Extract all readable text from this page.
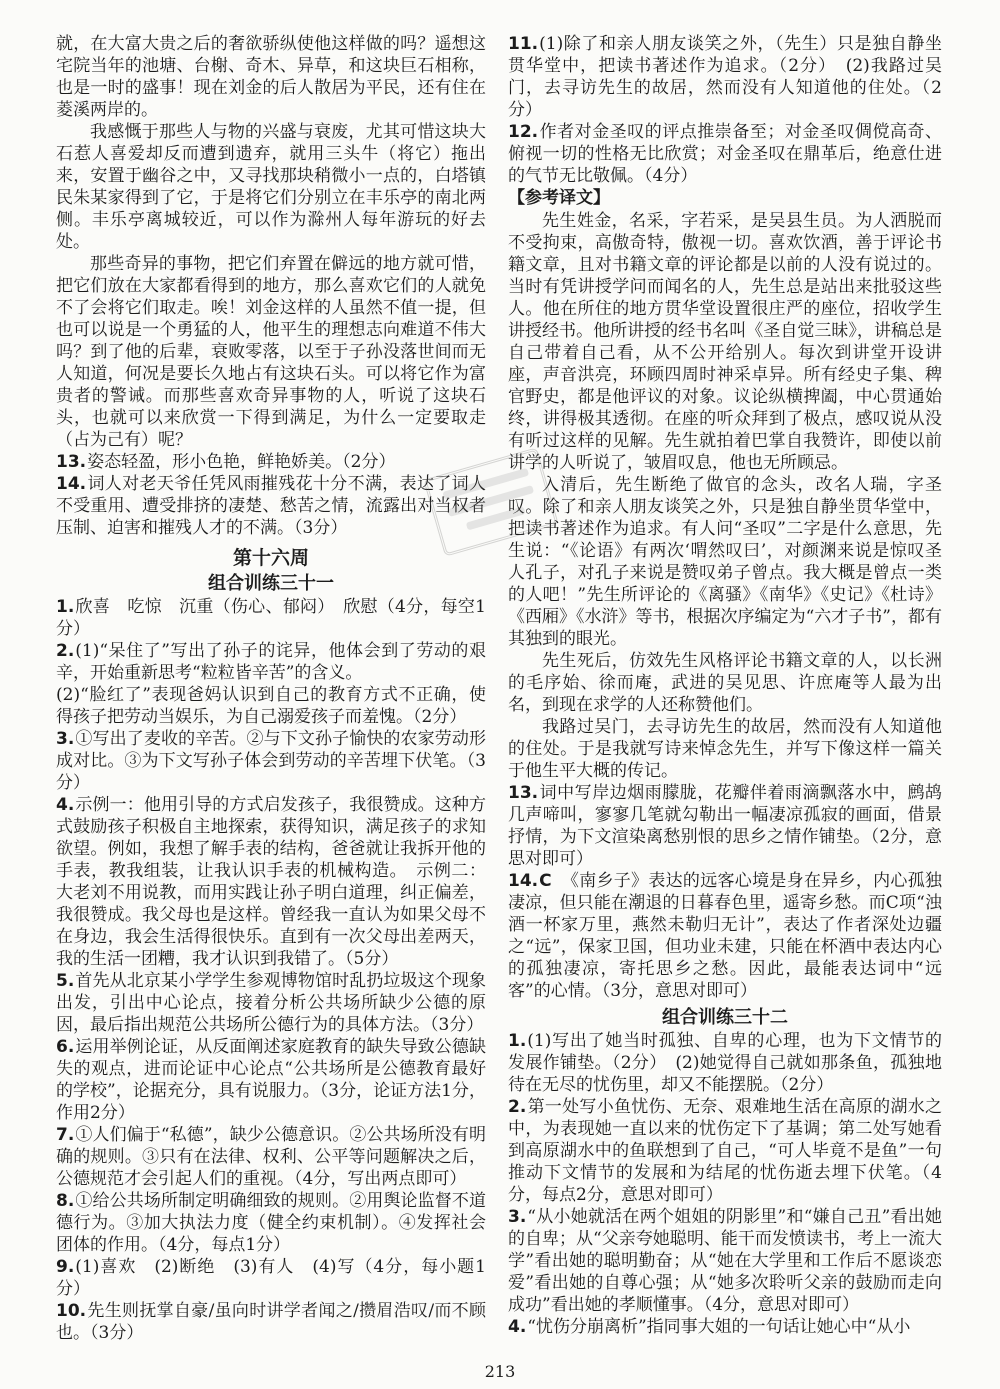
就，在大富大贵之后的奢欲骄纵使他这样做的吗？遥想这宅院当年的池塘、台榭、奇木、异草，和这块巨石相称，也是一时的盛事！现在刘金的后人散居为平民，还有住在菱溪两岸的。

我感慨于那些人与物的兴盛与衰废，尤其可惜这块大石惹人喜爱却反而遭到遗弃，就用三头牛（将它）拖出来，安置于幽谷之中，又寻找那块稍微小一点的，白塔镇民朱某家得到了它，于是将它们分别立在丰乐亭的南北两侧。丰乐亭离城较近，可以作为滁州人每年游玩的好去处。

那些奇异的事物，把它们弃置在僻远的地方就可惜，把它们放在大家都看得到的地方，那么喜欢它们的人就免不了会将它们取走。唉！刘金这样的人虽然不值一提，但也可以说是一个勇猛的人，他平生的理想志向难道不伟大吗？到了他的后辈，衰败零落，以至于子孙没落世间而无人知道，何况是要长久地占有这块石头。可以将它作为富贵者的警诫。而那些喜欢奇异事物的人，听说了这块石头，也就可以来欣赏一下得到满足，为什么一定要取走（占为己有）呢？

13.姿态轻盈，形小色艳，鲜艳娇美。（2分）

14.词人对老天爷任凭风雨摧残花十分不满，表达了词人不受重用、遭受排挤的凄楚、愁苦之情，流露出对当权者压制、迫害和摧残人才的不满。（3分）

第十六周
组合训练三十一

1.欣喜　吃惊　沉重（伤心、郁闷）　欣慰（4分，每空1分）

2.(1)“呆住了”写出了孙子的诧异，他体会到了劳动的艰辛，开始重新思考“粒粒皆辛苦”的含义。

(2)“脸红了”表现爸妈认识到自己的教育方式不正确，使得孩子把劳动当娱乐，为自己溺爱孩子而羞愧。（2分）

3.①写出了麦收的辛苦。②与下文孙子愉快的农家劳动形成对比。③为下文写孙子体会到劳动的辛苦埋下伏笔。（3分）

4.示例一：他用引导的方式启发孩子，我很赞成。这种方式鼓励孩子积极自主地探索，获得知识，满足孩子的求知欲望。例如，我想了解手表的结构，爸爸就让我拆开他的手表，教我组装，让我认识手表的机械构造。　示例二：大老刘不用说教，而用实践让孙子明白道理，纠正偏差，我很赞成。我父母也是这样。曾经我一直认为如果父母不在身边，我会生活得很快乐。直到有一次父母出差两天，我的生活一团糟，我才认识到我错了。（5分）

5.首先从北京某小学学生参观博物馆时乱扔垃圾这个现象出发，引出中心论点，接着分析公共场所缺少公德的原因，最后指出规范公共场所公德行为的具体方法。（3分）

6.运用举例论证，从反面阐述家庭教育的缺失导致公德缺失的观点，进而论证中心论点“公共场所是公德教育最好的学校”，论据充分，具有说服力。（3分，论证方法1分，作用2分）

7.①人们偏于“私德”，缺少公德意识。②公共场所没有明确的规则。③只有在法律、权利、公平等问题解决之后，公德规范才会引起人们的重视。（4分，写出两点即可）

8.①给公共场所制定明确细致的规则。②用舆论监督不道德行为。③加大执法力度（健全约束机制）。④发挥社会团体的作用。（4分，每点1分）

9.(1)喜欢　(2)断绝　(3)有人　(4)写（4分，每小题1分）

10.先生则抚掌自豪/虽向时讲学者闻之/攒眉浩叹/而不顾也。（3分）

11.(1)除了和亲人朋友谈笑之外，（先生）只是独自静坐贯华堂中，把读书著述作为追求。（2分）　(2)我路过吴门，去寻访先生的故居，然而没有人知道他的住处。（2分）

12.作者对金圣叹的评点推崇备至；对金圣叹倜傥高奇、俯视一切的性格无比欣赏；对金圣叹在鼎革后，绝意仕进的气节无比敬佩。（4分）

【参考译文】

先生姓金，名采，字若采，是吴县生员。为人洒脱而不受拘束，高傲奇特，傲视一切。喜欢饮酒，善于评论书籍文章，且对书籍文章的评论都是以前的人没有说过的。当时有凭讲授学问而闻名的人，先生总是站出来批驳这些人。他在所住的地方贯华堂设置很庄严的座位，招收学生讲授经书。他所讲授的经书名叫《圣自觉三昧》，讲稿总是自己带着自己看，从不公开给别人。每次到讲堂开设讲座，声音洪亮，环顾四周时神采卓异。所有经史子集、稗官野史，都是他评议的对象。议论纵横捭阖，中心贯通始终，讲得极其透彻。在座的听众拜到了极点，感叹说从没有听过这样的见解。先生就拍着巴掌自我赞许，即使以前讲学的人听说了，皱眉叹息，他也无所顾忌。

入清后，先生断绝了做官的念头，改名人瑞，字圣叹。除了和亲人朋友谈笑之外，只是独自静坐贯华堂中，把读书著述作为追求。有人问“圣叹”二字是什么意思，先生说：“《论语》有两次‘喟然叹曰’，对颜渊来说是惊叹圣人孔子，对孔子来说是赞叹弟子曾点。我大概是曾点一类的人吧！”先生所评论的《离骚》《南华》《史记》《杜诗》《西厢》《水浒》等书，根据次序编定为“六才子书”，都有其独到的眼光。

先生死后，仿效先生风格评论书籍文章的人，以长洲的毛序始、徐而庵，武进的吴见思、许庶庵等人最为出名，到现在求学的人还称赞他们。

我路过吴门，去寻访先生的故居，然而没有人知道他的住处。于是我就写诗来悼念先生，并写下像这样一篇关于他生平大概的传记。

13.词中写岸边烟雨朦胧，花瓣伴着雨滴飘落水中，鹧鸪几声啼叫，寥寥几笔就勾勒出一幅凄凉孤寂的画面，借景抒情，为下文渲染离愁别恨的思乡之情作铺垫。（2分，意思对即可）

14.C 《南乡子》表达的远客心境是身在异乡，内心孤独凄凉，但只能在潮退的日暮春色里，遥寄乡愁。而C项“浊酒一杯家万里，燕然未勒归无计”，表达了作者深处边疆之“远”，保家卫国，但功业未建，只能在杯酒中表达内心的孤独凄凉，寄托思乡之愁。因此，最能表达词中“远客”的心情。（3分，意思对即可）

组合训练三十二

1.(1)写出了她当时孤独、自卑的心理，也为下文情节的发展作铺垫。（2分）　(2)她觉得自己就如那条鱼，孤独地待在无尽的忧伤里，却又不能摆脱。（2分）

2.第一处写小鱼忧伤、无奈、艰难地生活在高原的湖水之中，为表现她一直以来的忧伤定下了基调；第二处写她看到高原湖水中的鱼联想到了自己，“可人毕竟不是鱼”一句推动下文情节的发展和为结尾的忧伤逝去埋下伏笔。（4分，每点2分，意思对即可）

3.“从小她就活在两个姐姐的阴影里”和“嫌自己丑”看出她的自卑；从“父亲夸她聪明、能干而发愤读书，考上一流大学”看出她的聪明勤奋；从“她在大学里和工作后不愿谈恋爱”看出她的自尊心强；从“她多次聆听父亲的鼓励而走向成功”看出她的孝顺懂事。（4分，意思对即可）

4.“忧伤分崩离析”指同事大姐的一句话让她心中“从小

213
